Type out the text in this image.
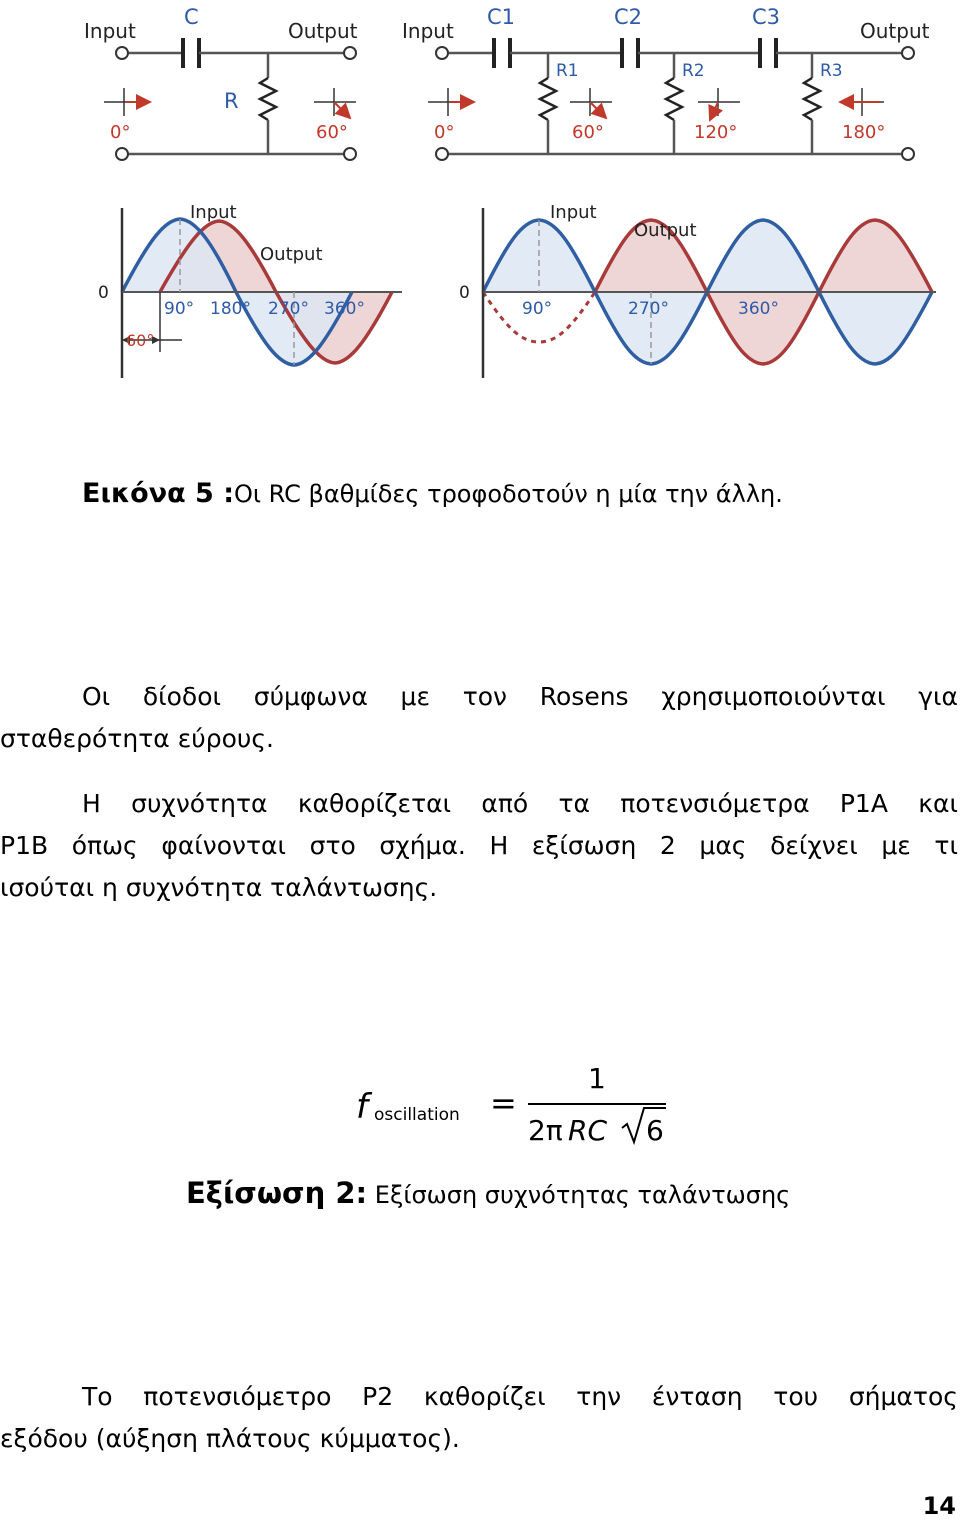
Input	Output
C
R
0°	60°
Input	Output
C1	C2	C3
R1	R2	R3
0°	60°	120°	180°
Input
Output
0
90° 180° 270° 360°
60°
Input
Output
0
90°	270°	360°
Εικόνα 5 :Οι RC βαθμίδες τροφοδοτούν η μία την άλλη.
Οι δίοδοι σύμφωνα με τον Rosens χρησιμοποιούνται για
σταθερότητα εύρους.
Η συχνότητα καθορίζεται από τα ποτενσιόμετρα P1A και
P1B όπως φαίνονται στο σχήμα. Η εξίσωση 2 μας δείχνει με τι
ισούται η συχνότητα ταλάντωσης.
f oscillation =
1
2π RC 6
Εξίσωση 2: Εξίσωση συχνότητας ταλάντωσης
Το ποτενσιόμετρο P2 καθορίζει την ένταση του σήματος
εξόδου (αύξηση πλάτους κύμματος).
14
